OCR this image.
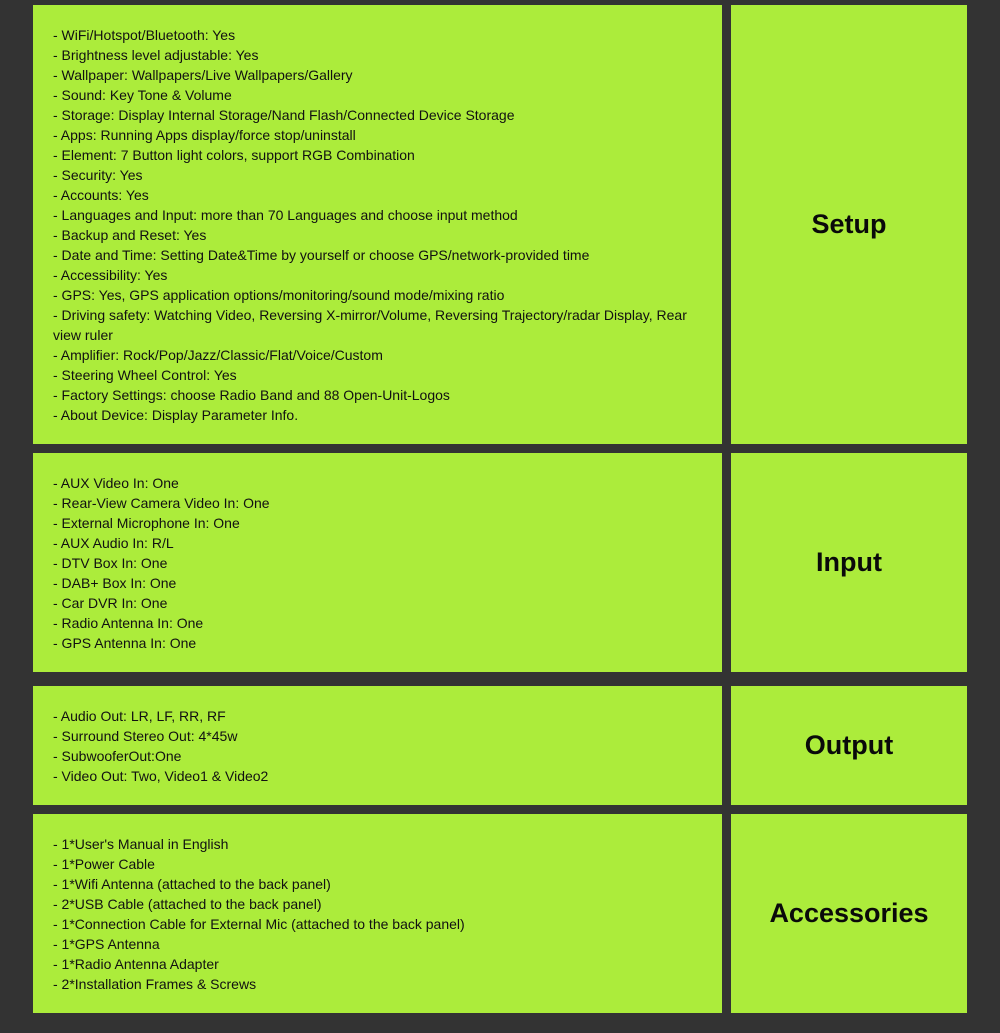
- WiFi/Hotspot/Bluetooth: Yes
- Brightness level adjustable: Yes
- Wallpaper: Wallpapers/Live Wallpapers/Gallery
- Sound: Key Tone & Volume
- Storage: Display Internal Storage/Nand Flash/Connected Device Storage
- Apps: Running Apps display/force stop/uninstall
- Element: 7 Button light colors, support RGB Combination
- Security: Yes
- Accounts: Yes
- Languages and Input: more than 70 Languages and choose input method
- Backup and Reset: Yes
- Date and Time: Setting Date&Time by yourself or choose GPS/network-provided time
- Accessibility: Yes
- GPS: Yes, GPS application options/monitoring/sound mode/mixing ratio
- Driving safety: Watching Video, Reversing X-mirror/Volume, Reversing Trajectory/radar Display, Rear view ruler
- Amplifier: Rock/Pop/Jazz/Classic/Flat/Voice/Custom
- Steering Wheel Control: Yes
- Factory Settings: choose Radio Band and 88 Open-Unit-Logos
- About Device: Display Parameter Info.
Setup
- AUX Video In: One
- Rear-View Camera Video In: One
- External Microphone In: One
- AUX Audio In: R/L
- DTV Box In: One
- DAB+ Box In: One
- Car DVR In: One
- Radio Antenna In: One
- GPS Antenna In: One
Input
- Audio Out: LR, LF, RR, RF
- Surround Stereo Out: 4*45w
- SubwooferOut:One
- Video Out: Two, Video1 & Video2
Output
- 1*User's Manual in English
- 1*Power Cable
- 1*Wifi Antenna (attached to the back panel)
- 2*USB Cable (attached to the back panel)
- 1*Connection Cable for External Mic (attached to the back panel)
- 1*GPS Antenna
- 1*Radio Antenna Adapter
- 2*Installation Frames & Screws
Accessories
